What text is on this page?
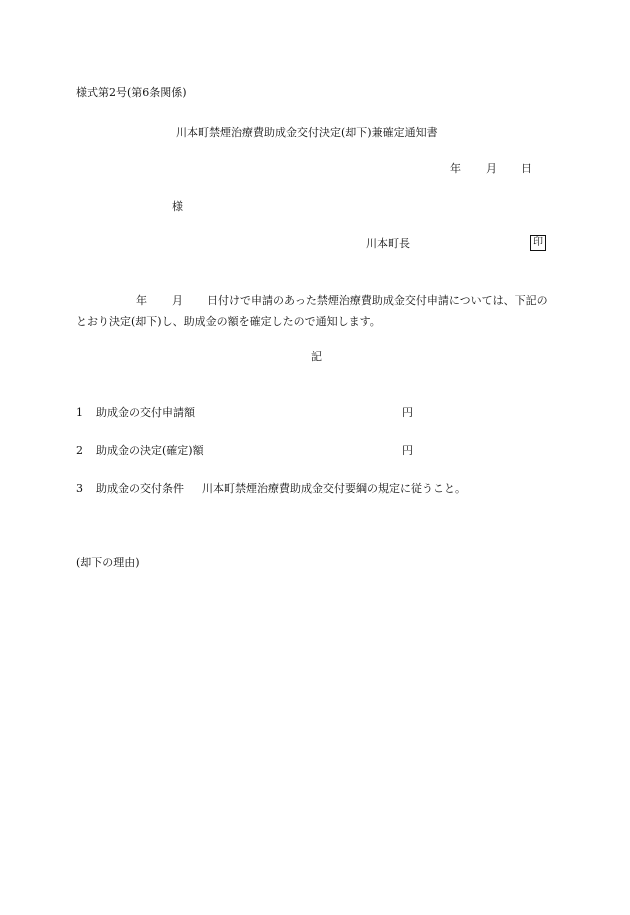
様式第2号(第6条関係)
川本町禁煙治療費助成金交付決定(却下)兼確定通知書
年 月 日
様
川本町長	印
年 月	日付けで申請のあった禁煙治療費助成金交付申請については、下記のとおり決定(却下)し、助成金の額を確定したので通知します。
記
1 助成金の交付申請額	円
2 助成金の決定(確定)額	円
3 助成金の交付条件 川本町禁煙治療費助成金交付要綱の規定に従うこと。
(却下の理由)
